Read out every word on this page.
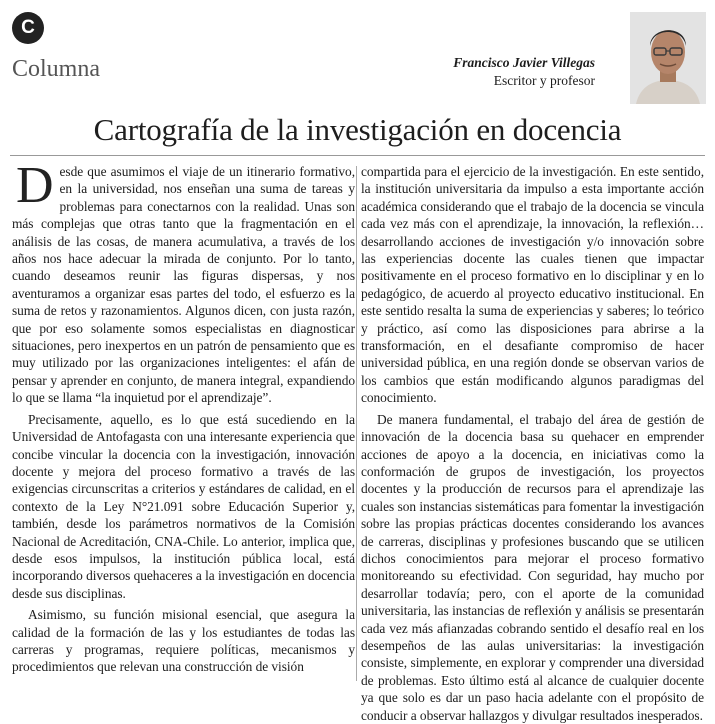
C
Columna	Francisco Javier Villegas
Escritor y profesor
Cartografía de la investigación en docencia

Desde que asumimos el viaje de un itinerario formativo, en la universidad, nos enseñan una suma de tareas y problemas para conectarnos con la realidad. Unas son más complejas que otras tanto que la fragmentación en el análisis de las cosas, de manera acumulativa, a través de los años nos hace adecuar la mirada de conjunto. Por lo tanto, cuando deseamos reunir las figuras dispersas, y nos aventuramos a organizar esas partes del todo, el esfuerzo es la suma de retos y razonamientos. Algunos dicen, con justa razón, que por eso solamente somos especialistas en diagnosticar situaciones, pero inexpertos en un patrón de pensamiento que es muy utilizado por las organizaciones inteligentes: el afán de pensar y aprender en conjunto, de manera integral, expandiendo lo que se llama “la inquietud por el aprendizaje”.

Precisamente, aquello, es lo que está sucediendo en la Universidad de Antofagasta con una interesante experiencia que concibe vincular la docencia con la investigación, innovación docente y mejora del proceso formativo a través de las exigencias circunscritas a criterios y estándares de calidad, en el contexto de la Ley N°21.091 sobre Educación Superior y, también, desde los parámetros normativos de la Comisión Nacional de Acreditación, CNA-Chile. Lo anterior, implica que, desde esos impulsos, la institución pública local, está incorporando diversos quehaceres a la investigación en docencia desde sus disciplinas.

Asimismo, su función misional esencial, que asegura la calidad de la formación de las y los estudiantes de todas las carreras y programas, requiere políticas, mecanismos y procedimientos que relevan una construcción de visión

compartida para el ejercicio de la investigación. En este sentido, la institución universitaria da impulso a esta importante acción académica considerando que el trabajo de la docencia se vincula cada vez más con el aprendizaje, la innovación, la reflexión…desarrollando acciones de investigación y/o innovación sobre las experiencias docente las cuales tienen que impactar positivamente en el proceso formativo en lo disciplinar y en lo pedagógico, de acuerdo al proyecto educativo institucional. En este sentido resalta la suma de experiencias y saberes; lo teórico y práctico, así como las disposiciones para abrirse a la transformación, en el desafiante compromiso de hacer universidad pública, en una región donde se observan varios de los cambios que están modificando algunos paradigmas del conocimiento.

De manera fundamental, el trabajo del área de gestión de innovación de la docencia basa su quehacer en emprender acciones de apoyo a la docencia, en iniciativas como la conformación de grupos de investigación, los proyectos docentes y la producción de recursos para el aprendizaje las cuales son instancias sistemáticas para fomentar la investigación sobre las propias prácticas docentes considerando los avances de carreras, disciplinas y profesiones buscando que se utilicen dichos conocimientos para mejorar el proceso formativo monitoreando su efectividad. Con seguridad, hay mucho por desarrollar todavía; pero, con el aporte de la comunidad universitaria, las instancias de reflexión y análisis se presentarán cada vez más afianzadas cobrando sentido el desafío real en los desempeños de las aulas universitarias: la investigación consiste, simplemente, en explorar y comprender una diversidad de problemas. Esto último está al alcance de cualquier docente ya que solo es dar un paso hacia adelante con el propósito de conducir a observar hallazgos y divulgar resultados inesperados.
